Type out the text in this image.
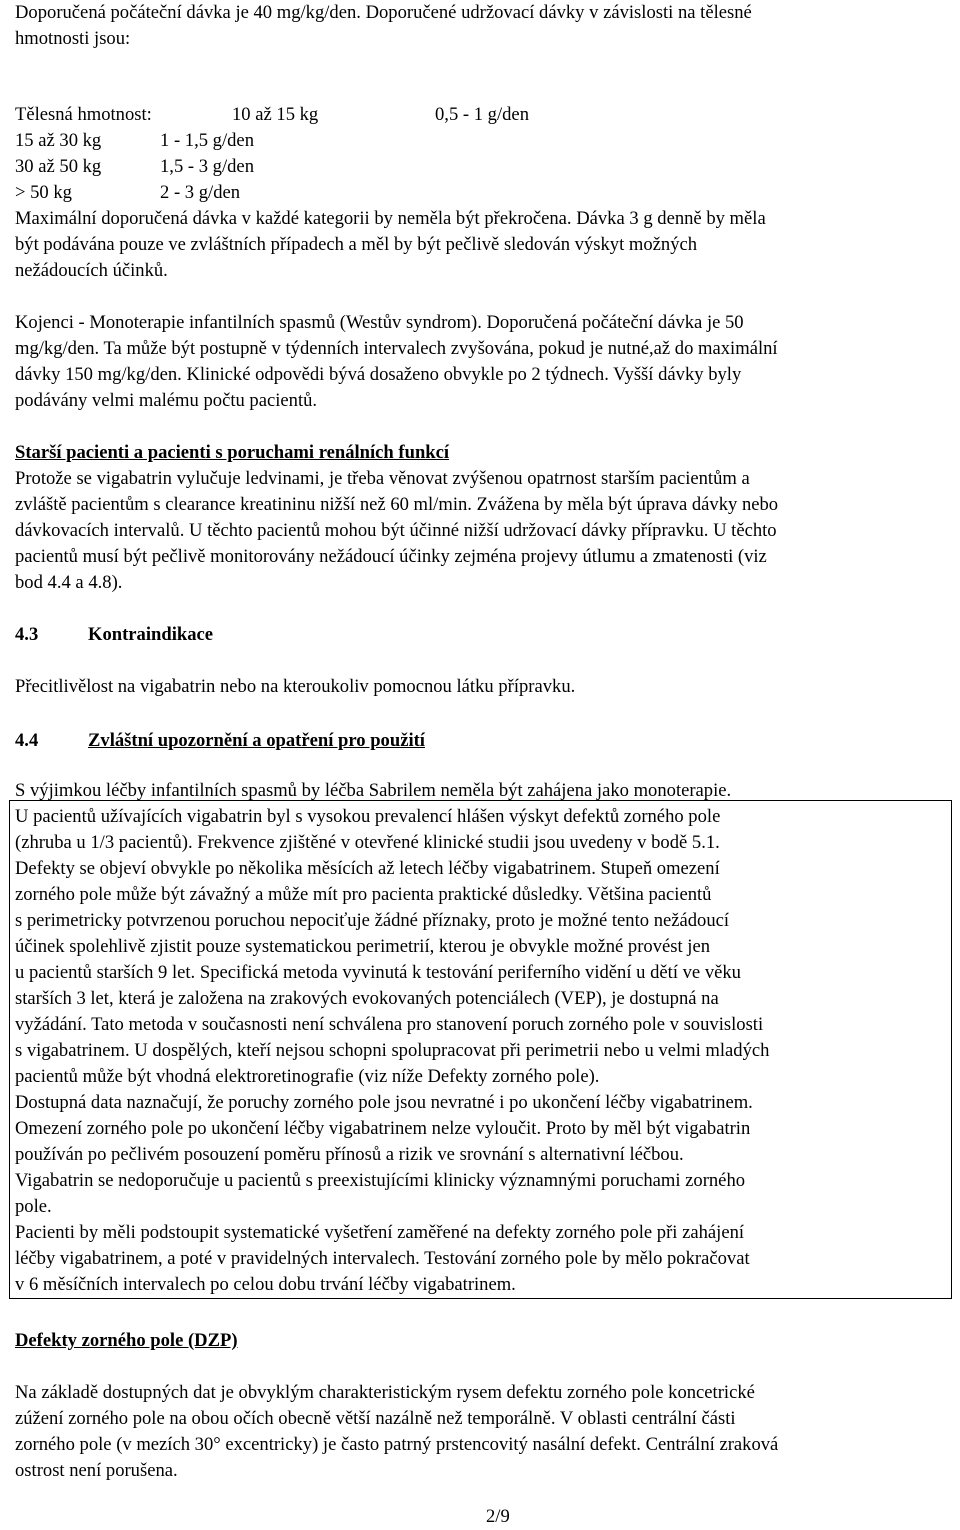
Doporučená počáteční dávka je 40 mg/kg/den. Doporučené udržovací dávky v závislosti na tělesné
hmotnosti jsou:
Tělesná hmotnost:	10 až 15 kg	0,5 - 1 g/den
15 až 30 kg	1 - 1,5 g/den
30 až 50 kg	1,5 - 3 g/den
> 50 kg	2 - 3 g/den
Maximální doporučená dávka v každé kategorii by neměla být překročena. Dávka 3 g denně by měla
být podávána pouze ve zvláštních případech a měl by být pečlivě sledován výskyt možných
nežádoucích účinků.
Kojenci - Monoterapie infantilních spasmů (Westův syndrom). Doporučená počáteční dávka je 50
mg/kg/den. Ta může být postupně v týdenních intervalech zvyšována, pokud je nutné,až do maximální
dávky 150 mg/kg/den. Klinické odpovědi bývá dosaženo obvykle po 2 týdnech. Vyšší dávky byly
podávány velmi malému počtu pacientů.
Starší pacienti a pacienti s poruchami renálních funkcí
Protože se vigabatrin vylučuje ledvinami, je třeba věnovat zvýšenou opatrnost starším pacientům a
zvláště pacientům s clearance kreatininu nižší než 60 ml/min. Zvážena by měla být úprava dávky nebo
dávkovacích intervalů. U těchto pacientů mohou být účinné nižší udržovací dávky přípravku. U těchto
pacientů musí být pečlivě monitorovány nežádoucí účinky zejména projevy útlumu a zmatenosti (viz
bod 4.4 a 4.8).
4.3	Kontraindikace
Přecitlivělost na vigabatrin nebo na kteroukoliv pomocnou látku přípravku.
4.4	Zvláštní upozornění a opatření pro použití
S výjimkou léčby infantilních spasmů by léčba Sabrilem neměla být zahájena jako monoterapie.
U pacientů užívajících vigabatrin byl s vysokou prevalencí hlášen výskyt defektů zorného pole
(zhruba u 1/3 pacientů). Frekvence zjištěné v otevřené klinické studii jsou uvedeny v bodě 5.1.
Defekty se objeví obvykle po několika měsících až letech léčby vigabatrinem. Stupeň omezení
zorného pole může být závažný a může mít pro pacienta praktické důsledky. Většina pacientů
s perimetricky potvrzenou poruchou nepociťuje žádné příznaky, proto je možné tento nežádoucí
účinek spolehlivě zjistit pouze systematickou perimetrií, kterou je obvykle možné provést jen
u pacientů starších 9 let. Specifická metoda vyvinutá k testování periferního vidění u dětí ve věku
starších 3 let, která je založena na zrakových evokovaných potenciálech (VEP), je dostupná na
vyžádání. Tato metoda v současnosti není schválena pro stanovení poruch zorného pole v souvislosti
s vigabatrinem. U dospělých, kteří nejsou schopni spolupracovat při perimetrii nebo u velmi mladých
pacientů může být vhodná elektroretinografie (viz níže Defekty zorného pole).
Dostupná data naznačují, že poruchy zorného pole jsou nevratné i po ukončení léčby vigabatrinem.
Omezení zorného pole po ukončení léčby vigabatrinem nelze vyloučit. Proto by měl být vigabatrin
používán po pečlivém posouzení poměru přínosů a rizik ve srovnání s alternativní léčbou.
Vigabatrin se nedoporučuje u pacientů s preexistujícími klinicky významnými poruchami zorného
pole.
Pacienti by měli podstoupit systematické vyšetření zaměřené na defekty zorného pole při zahájení
léčby vigabatrinem, a poté v pravidelných intervalech. Testování zorného pole by mělo pokračovat
v 6 měsíčních intervalech po celou dobu trvání léčby vigabatrinem.
Defekty zorného pole (DZP)
Na základě dostupných dat je obvyklým charakteristickým rysem defektu zorného pole koncetrické
zúžení zorného pole na obou očích obecně větší nazálně než temporálně. V oblasti centrální části
zorného pole (v mezích 30° excentricky) je často patrný prstencovitý nasální defekt. Centrální zraková
ostrost není porušena.
2/9
